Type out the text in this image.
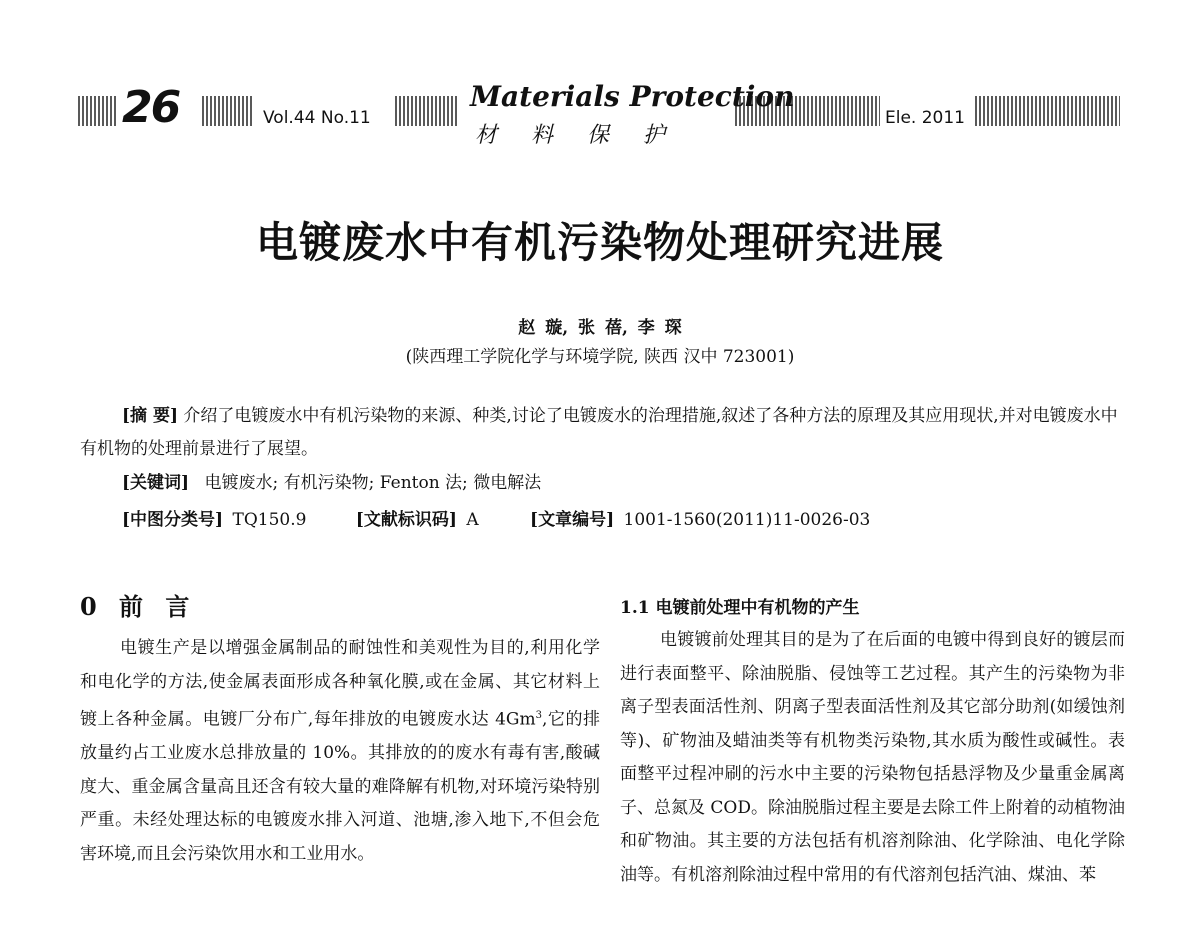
26	Vol.44 No.11
Materials Protection
材料保护
Ele. 2011
电镀废水中有机污染物处理研究进展
赵 璇, 张 蓓, 李 琛
(陕西理工学院化学与环境学院, 陕西 汉中 723001)
[摘 要] 介绍了电镀废水中有机污染物的来源、种类,讨论了电镀废水的治理措施,叙述了各种方法的原理及其应用现状,并对电镀废水中有机物的处理前景进行了展望。
[关键词] 电镀废水; 有机污染物; Fenton 法; 微电解法
[中图分类号] TQ150.9	[文献标识码] A	[文章编号] 1001-1560(2011)11-0026-03
0 前 言
电镀生产是以增强金属制品的耐蚀性和美观性为目的,利用化学和电化学的方法,使金属表面形成各种氧化膜,或在金属、其它材料上镀上各种金属。电镀厂分布广,每年排放的电镀废水达 4Gm$^3$,它的排放量约占工业废水总排放量的 10%。其排放的的废水有毒有害,酸碱度大、重金属含量高且还含有较大量的难降解有机物,对环境污染特别严重。未经处理达标的电镀废水排入河道、池塘,渗入地下,不但会危害环境,而且会污染饮用水和工业用水。
1.1 电镀前处理中有机物的产生
电镀镀前处理其目的是为了在后面的电镀中得到良好的镀层而进行表面整平、除油脱脂、侵蚀等工艺过程。其产生的污染物为非离子型表面活性剂、阴离子型表面活性剂及其它部分助剂(如缓蚀剂等)、矿物油及蜡油类等有机物类污染物,其水质为酸性或碱性。表面整平过程冲刷的污水中主要的污染物包括悬浮物及少量重金属离子、总氮及 COD。除油脱脂过程主要是去除工件上附着的动植物油和矿物油。其主要的方法包括有机溶剂除油、化学除油、电化学除油等。有机溶剂除油过程中常用的有代溶剂包括汽油、煤油、苯
